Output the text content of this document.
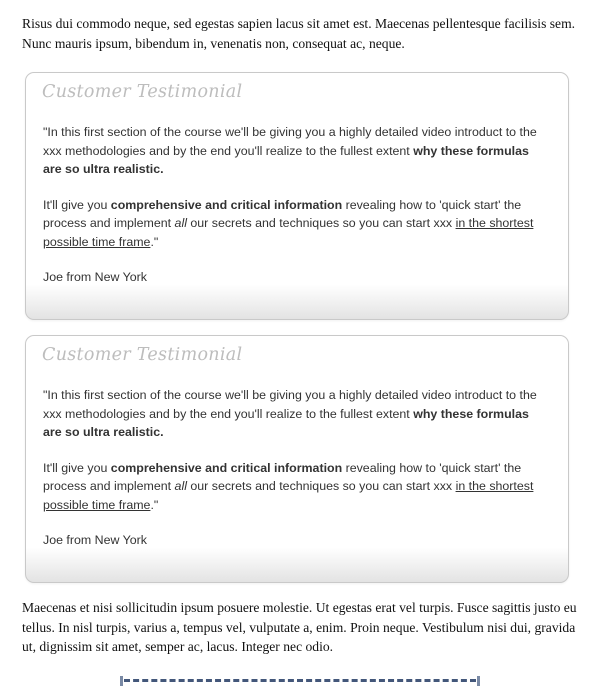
Risus dui commodo neque, sed egestas sapien lacus sit amet est. Maecenas pellentesque facilisis sem. Nunc mauris ipsum, bibendum in, venenatis non, consequat ac, neque.

Customer Testimonial

"In this first section of the course we'll be giving you a highly detailed video introduct to the xxx methodologies and by the end you'll realize to the fullest extent why these formulas are so ultra realistic.

It'll give you comprehensive and critical information revealing how to 'quick start' the process and implement all our secrets and techniques so you can start xxx in the shortest possible time frame."

Joe from New York
Customer Testimonial

"In this first section of the course we'll be giving you a highly detailed video introduct to the xxx methodologies and by the end you'll realize to the fullest extent why these formulas are so ultra realistic.

It'll give you comprehensive and critical information revealing how to 'quick start' the process and implement all our secrets and techniques so you can start xxx in the shortest possible time frame."

Joe from New York

Maecenas et nisi sollicitudin ipsum posuere molestie. Ut egestas erat vel turpis. Fusce sagittis justo eu tellus. In nisl turpis, varius a, tempus vel, vulputate a, enim. Proin neque. Vestibulum nisi dui, gravida ut, dignissim sit amet, semper ac, lacus. Integer nec odio.
